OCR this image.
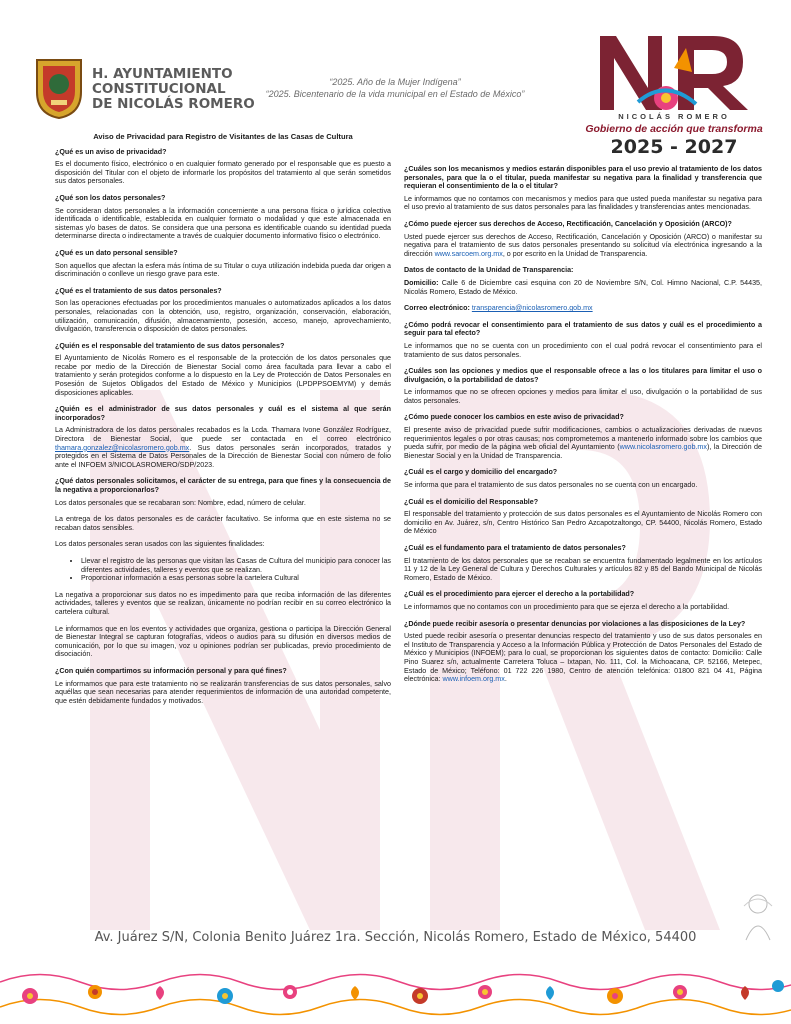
H. AYUNTAMIENTO
CONSTITUCIONAL
DE NICOLÁS ROMERO
“2025. Año de la Mujer Indígena”
“2025. Bicentenario de la vida municipal en el Estado de México”
NICOLÁS ROMERO
Gobierno de acción que transforma
2025 - 2027
Aviso de Privacidad para Registro de Visitantes de las Casas de Cultura
¿Qué es un aviso de privacidad?
Es el documento físico, electrónico o en cualquier formato generado por el responsable que es puesto a disposición del Titular con el objeto de informarle los propósitos del tratamiento al que serán sometidos sus datos personales.
¿Qué son los datos personales?
Se consideran datos personales a la información concerniente a una persona física o jurídica colectiva identificada o identificable, establecida en cualquier formato o modalidad y que este almacenada en sistemas y/o bases de datos. Se considera que una persona es identificable cuando su identidad pueda determinarse directa o indirectamente a través de cualquier documento informativo físico o electrónico.
¿Qué es un dato personal sensible?
Son aquellos que afectan la esfera más íntima de su Titular o cuya utilización indebida pueda dar origen a discriminación o conlleve un riesgo grave para este.
¿Qué es el tratamiento de sus datos personales?
Son las operaciones efectuadas por los procedimientos manuales o automatizados aplicados a los datos personales, relacionadas con la obtención, uso, registro, organización, conservación, elaboración, utilización, comunicación, difusión, almacenamiento, posesión, acceso, manejo, aprovechamiento, divulgación, transferencia o disposición de datos personales.
¿Quién es el responsable del tratamiento de sus datos personales?
El Ayuntamiento de Nicolás Romero es el responsable de la protección de los datos personales que recabe por medio de la Dirección de Bienestar Social como área facultada para llevar a cabo el tratamiento y serán protegidos conforme a lo dispuesto en la Ley de Protección de Datos Personales en Posesión de Sujetos Obligados del Estado de México y Municipios (LPDPPSOEMYM) y demás disposiciones aplicables.
¿Quién es el administrador de sus datos personales y cuál es el sistema al que serán incorporados?
La Administradora de los datos personales recabados es la Lcda. Thamara Ivone González Rodríguez, Directora de Bienestar Social, que puede ser contactada en el correo electrónico thamara.gonzalez@nicolasromero.gob.mx. Sus datos personales serán incorporados, tratados y protegidos en el Sistema de Datos Personales de la Dirección de Bienestar Social con número de folio ante el INFOEM 3/NICOLASROMERO/SDP/2023.
¿Qué datos personales solicitamos, el carácter de su entrega, para que fines y la consecuencia de la negativa a proporcionarlos?
Los datos personales que se recabaran son: Nombre, edad, número de celular.
La entrega de los datos personales es de carácter facultativo. Se informa que en este sistema no se recaban datos sensibles.
Los datos personales seran usados con las siguientes finalidades:
• Llevar el registro de las personas que visitan las Casas de Cultura del municipio para conocer las diferentes actividades, talleres y eventos que se realizan.
• Proporcionar información a esas personas sobre la cartelera Cultural
La negativa a proporcionar sus datos no es impedimento para que reciba información de las diferentes actividades, talleres y eventos que se realizan, únicamente no podrían recibir en su correo electrónico la cartelera cultural.
Le informamos que en los eventos y actividades que organiza, gestiona o participa la Dirección General de Bienestar Integral se capturan fotografías, videos o audios para su difusión en diversos medios de comunicación, por lo que su imagen, voz u opiniones podrían ser publicadas, previo procedimiento de disociación.
¿Con quién compartimos su información personal y para qué fines?
Le informamos que para este tratamiento no se realizarán transferencias de sus datos personales, salvo aquéllas que sean necesarias para atender requerimientos de información de una autoridad competente, que estén debidamente fundados y motivados.
¿Cuáles son los mecanismos y medios estarán disponibles para el uso previo al tratamiento de los datos personales, para que la o el titular, pueda manifestar su negativa para la finalidad y transferencia que requieran el consentimiento de la o el titular?
Le informamos que no contamos con mecanismos y medios para que usted pueda manifestar su negativa para el uso previo al tratamiento de sus datos personales para las finalidades y transferencias antes mencionadas.
¿Cómo puede ejercer sus derechos de Acceso, Rectificación, Cancelación y Oposición (ARCO)?
Usted puede ejercer sus derechos de Acceso, Rectificación, Cancelación y Oposición (ARCO) o manifestar su negativa para el tratamiento de sus datos personales presentando su solicitud vía electrónica ingresando a la dirección www.sarcoem.org.mx, o por escrito en la Unidad de Transparencia.
Datos de contacto de la Unidad de Transparencia:
Domicilio: Calle 6 de Diciembre casi esquina con 20 de Noviembre S/N, Col. Himno Nacional, C.P. 54435, Nicolás Romero, Estado de México.
Correo electrónico: transparencia@nicolasromero.gob.mx
¿Cómo podrá revocar el consentimiento para el tratamiento de sus datos y cuál es el procedimiento a seguir para tal efecto?
Le informamos que no se cuenta con un procedimiento con el cual podrá revocar el consentimiento para el tratamiento de sus datos personales.
¿Cuáles son las opciones y medios que el responsable ofrece a las o los titulares para limitar el uso o divulgación, o la portabilidad de datos?
Le informamos que no se ofrecen opciones y medios para limitar el uso, divulgación o la portabilidad de sus datos personales.
¿Cómo puede conocer los cambios en este aviso de privacidad?
El presente aviso de privacidad puede sufrir modificaciones, cambios o actualizaciones derivadas de nuevos requerimientos legales o por otras causas; nos comprometemos a mantenerlo informado sobre los cambios que pueda sufrir, por medio de la página web oficial del Ayuntamiento (www.nicolasromero.gob.mx), la Dirección de Bienestar Social y en la Unidad de Transparencia.
¿Cuál es el cargo y domicilio del encargado?
Se informa que para el tratamiento de sus datos personales no se cuenta con un encargado.
¿Cuál es el domicilio del Responsable?
El responsable del tratamiento y protección de sus datos personales es el Ayuntamiento de Nicolás Romero con domicilio en Av. Juárez, s/n, Centro Histórico San Pedro Azcapotzaltongo, CP. 54400, Nicolás Romero, Estado de México
¿Cuál es el fundamento para el tratamiento de datos personales?
El tratamiento de los datos personales que se recaban se encuentra fundamentado legalmente en los artículos 11 y 12 de la Ley General de Cultura y Derechos Culturales y artículos 82 y 85 del Bando Municipal de Nicolás Romero, Estado de México.
¿Cuál es el procedimiento para ejercer el derecho a la portabilidad?
Le informamos que no contamos con un procedimiento para que se ejerza el derecho a la portabilidad.
¿Dónde puede recibir asesoría o presentar denuncias por violaciones a las disposiciones de la Ley?
Usted puede recibir asesoría o presentar denuncias respecto del tratamiento y uso de sus datos personales en el Instituto de Transparencia y Acceso a la Información Pública y Protección de Datos Personales del Estado de México y Municipios (INFOEM); para lo cual, se proporcionan los siguientes datos de contacto: Domicilio: Calle Pino Suarez s/n, actualmente Carretera Toluca – Ixtapan, No. 111, Col. la Michoacana, CP. 52166, Metepec, Estado de México; Teléfono: 01 722 226 1980, Centro de atención telefónica: 01800 821 04 41, Página electrónica: www.infoem.org.mx.
Av. Juárez S/N, Colonia Benito Juárez 1ra. Sección, Nicolás Romero, Estado de México, 54400
